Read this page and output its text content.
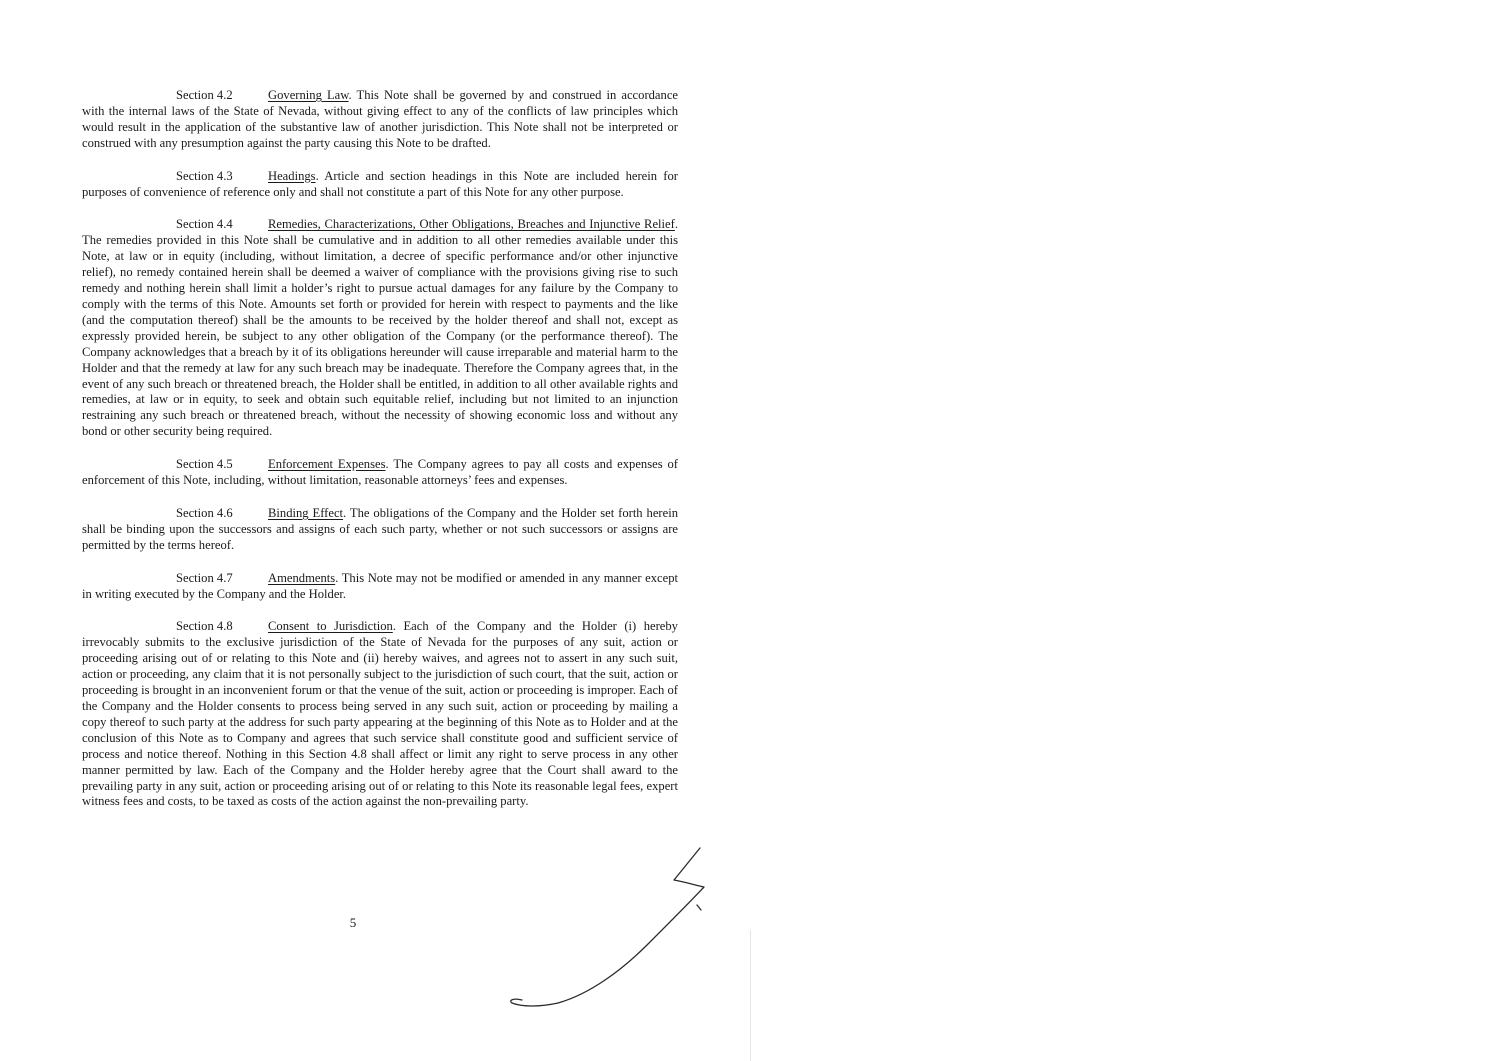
Section 4.2	Governing Law. This Note shall be governed by and construed in accordance with the internal laws of the State of Nevada, without giving effect to any of the conflicts of law principles which would result in the application of the substantive law of another jurisdiction. This Note shall not be interpreted or construed with any presumption against the party causing this Note to be drafted.

Section 4.3	Headings. Article and section headings in this Note are included herein for purposes of convenience of reference only and shall not constitute a part of this Note for any other purpose.

Section 4.4	Remedies, Characterizations, Other Obligations, Breaches and Injunctive Relief. The remedies provided in this Note shall be cumulative and in addition to all other remedies available under this Note, at law or in equity (including, without limitation, a decree of specific performance and/or other injunctive relief), no remedy contained herein shall be deemed a waiver of compliance with the provisions giving rise to such remedy and nothing herein shall limit a holder’s right to pursue actual damages for any failure by the Company to comply with the terms of this Note. Amounts set forth or provided for herein with respect to payments and the like (and the computation thereof) shall be the amounts to be received by the holder thereof and shall not, except as expressly provided herein, be subject to any other obligation of the Company (or the performance thereof). The Company acknowledges that a breach by it of its obligations hereunder will cause irreparable and material harm to the Holder and that the remedy at law for any such breach may be inadequate. Therefore the Company agrees that, in the event of any such breach or threatened breach, the Holder shall be entitled, in addition to all other available rights and remedies, at law or in equity, to seek and obtain such equitable relief, including but not limited to an injunction restraining any such breach or threatened breach, without the necessity of showing economic loss and without any bond or other security being required.

Section 4.5	Enforcement Expenses. The Company agrees to pay all costs and expenses of enforcement of this Note, including, without limitation, reasonable attorneys’ fees and expenses.

Section 4.6	Binding Effect. The obligations of the Company and the Holder set forth herein shall be binding upon the successors and assigns of each such party, whether or not such successors or assigns are permitted by the terms hereof.

Section 4.7	Amendments. This Note may not be modified or amended in any manner except in writing executed by the Company and the Holder.

Section 4.8	Consent to Jurisdiction. Each of the Company and the Holder (i) hereby irrevocably submits to the exclusive jurisdiction of the State of Nevada for the purposes of any suit, action or proceeding arising out of or relating to this Note and (ii) hereby waives, and agrees not to assert in any such suit, action or proceeding, any claim that it is not personally subject to the jurisdiction of such court, that the suit, action or proceeding is brought in an inconvenient forum or that the venue of the suit, action or proceeding is improper. Each of the Company and the Holder consents to process being served in any such suit, action or proceeding by mailing a copy thereof to such party at the address for such party appearing at the beginning of this Note as to Holder and at the conclusion of this Note as to Company and agrees that such service shall constitute good and sufficient service of process and notice thereof. Nothing in this Section 4.8 shall affect or limit any right to serve process in any other manner permitted by law. Each of the Company and the Holder hereby agree that the Court shall award to the prevailing party in any suit, action or proceeding arising out of or relating to this Note its reasonable legal fees, expert witness fees and costs, to be taxed as costs of the action against the non-prevailing party.

5
